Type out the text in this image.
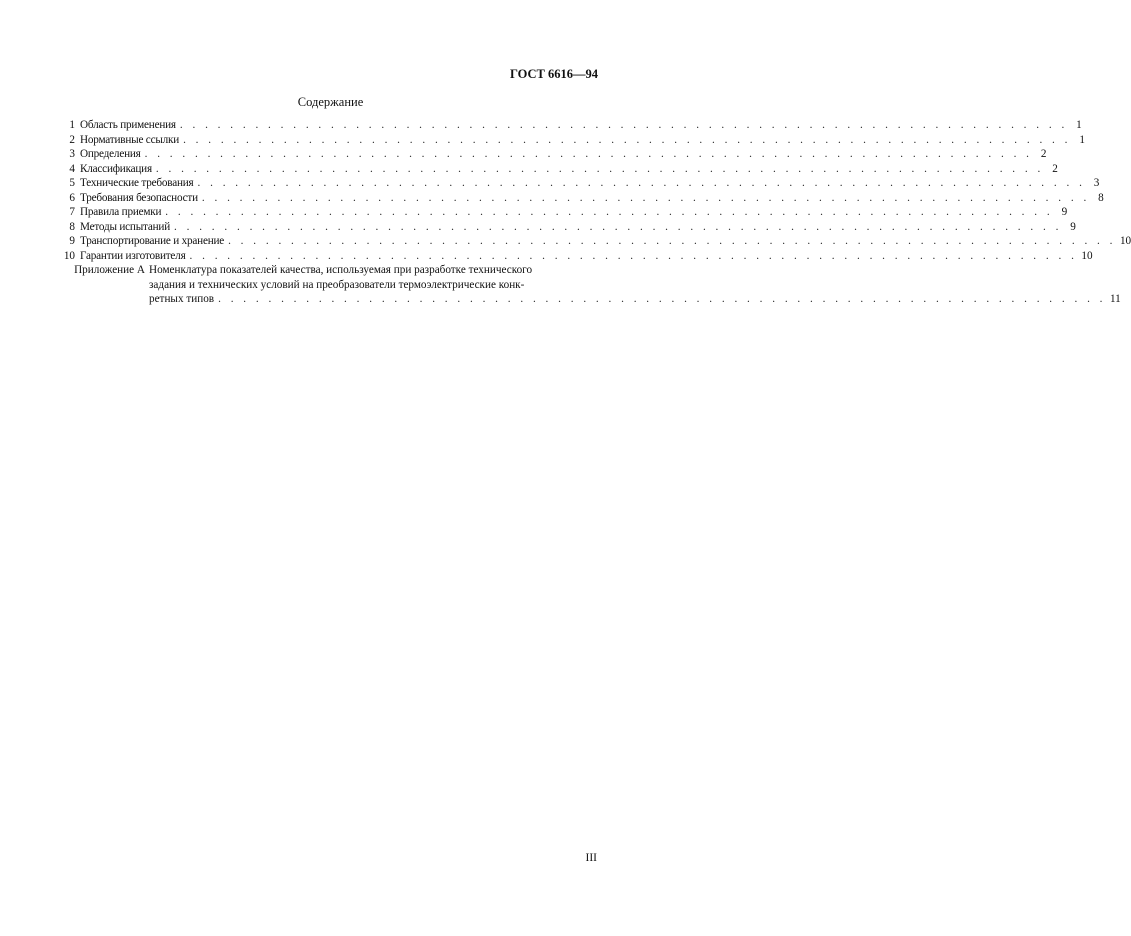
ГОСТ 6616—94
Содержание
1 Область применения . . . . . . . . . . . . . . . . . . . . . . . . . . . . . . . . . . . . . . . . . . . . . . . . . . . . . . . . . . . . . . . . . . . . . . . 1
2 Нормативные ссылки . . . . . . . . . . . . . . . . . . . . . . . . . . . . . . . . . . . . . . . . . . . . . . . . . . . . . . . . . . . . . . . . . . . . . . . 1
3 Определения . . . . . . . . . . . . . . . . . . . . . . . . . . . . . . . . . . . . . . . . . . . . . . . . . . . . . . . . . . . . . . . . . . . . . . . 2
4 Классификация . . . . . . . . . . . . . . . . . . . . . . . . . . . . . . . . . . . . . . . . . . . . . . . . . . . . . . . . . . . . . . . . . . . . . . . 2
5 Технические требования . . . . . . . . . . . . . . . . . . . . . . . . . . . . . . . . . . . . . . . . . . . . . . . . . . . . . . . . . . . . . . . . . . . . . . . 3
6 Требования безопасности . . . . . . . . . . . . . . . . . . . . . . . . . . . . . . . . . . . . . . . . . . . . . . . . . . . . . . . . . . . . . . . . . . . . . . . 8
7 Правила приемки . . . . . . . . . . . . . . . . . . . . . . . . . . . . . . . . . . . . . . . . . . . . . . . . . . . . . . . . . . . . . . . . . . . . . . . 9
8 Методы испытаний . . . . . . . . . . . . . . . . . . . . . . . . . . . . . . . . . . . . . . . . . . . . . . . . . . . . . . . . . . . . . . . . . . . . . . . 9
9 Транспортирование и хранение . . . . . . . . . . . . . . . . . . . . . . . . . . . . . . . . . . . . . . . . . . . . . . . . . . . . . . . . . . . . . . . . . . . . . . . 10
10 Гарантии изготовителя . . . . . . . . . . . . . . . . . . . . . . . . . . . . . . . . . . . . . . . . . . . . . . . . . . . . . . . . . . . . . . . . . . . . . . . 10
Приложение А Номенклатура показателей качества, используемая при разработке технического
задания и технических условий на преобразователи термоэлектрические конк-
ретных типов . . . . . . . . . . . . . . . . . . . . . . . . . . . . . . . . . . . . . . . . . . . . . . . . . . . . . . . . . . . . . . . . . . . . . . . 11
III
